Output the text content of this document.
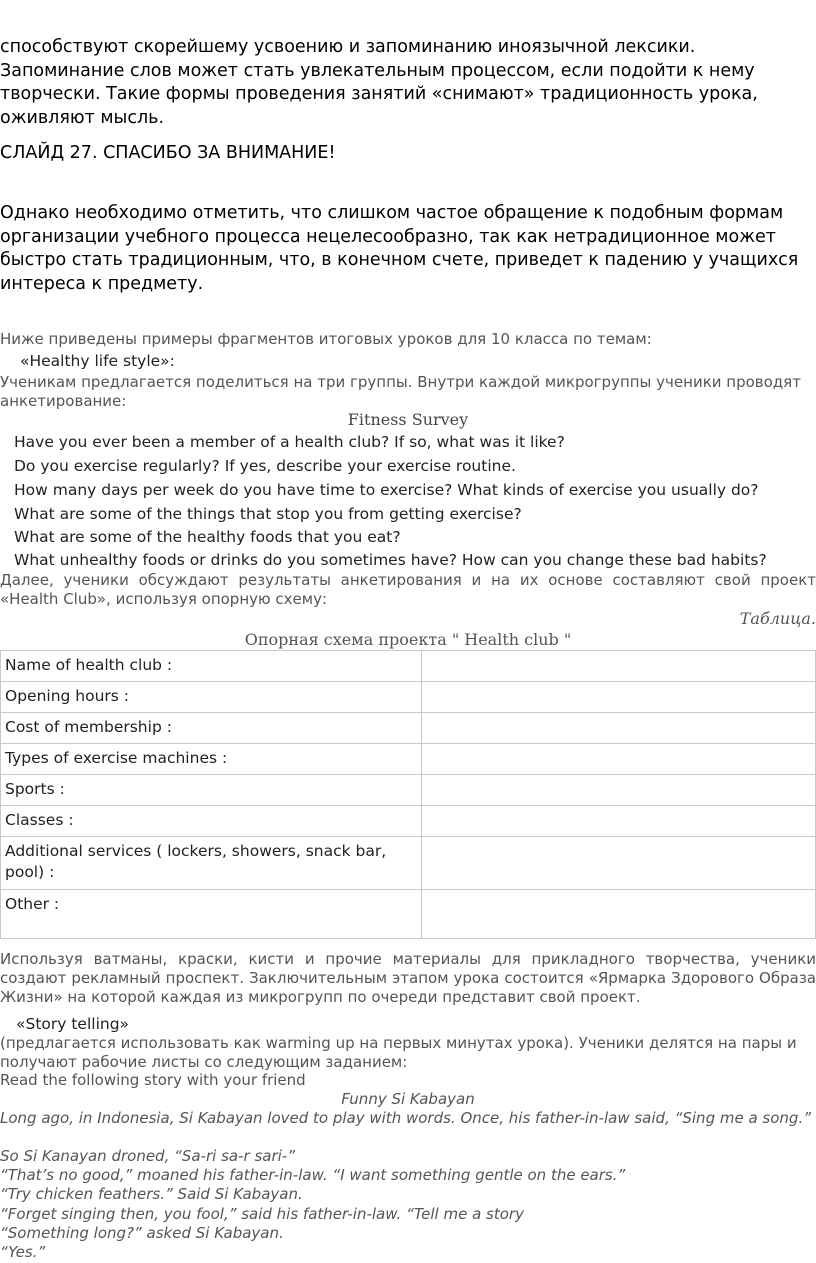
способствуют скорейшему усвоению и запоминанию иноязычной лексики. Запоминание слов может стать увлекательным процессом, если подойти к нему творчески. Такие формы проведения занятий «снимают» традиционность урока, оживляют мысль.
СЛАЙД 27. СПАСИБО ЗА ВНИМАНИЕ!
Однако необходимо отметить, что слишком частое обращение к подобным формам организации учебного процесса нецелесообразно, так как нетрадиционное может быстро стать традиционным, что, в конечном счете, приведет к падению у учащихся интереса к предмету.
Ниже приведены примеры фрагментов итоговых уроков для 10 класса по темам:
«Healthy life style»:
Ученикам предлагается поделиться на три группы. Внутри каждой микрогруппы ученики проводят анкетирование:
Fitness Survey
Have you ever been a member of a health club? If so, what was it like?
Do you exercise regularly? If yes, describe your exercise routine.
How many days per week do you have time to exercise? What kinds of exercise you usually do?
What are some of the things that stop you from getting exercise?
What are some of the healthy foods that you eat?
What unhealthy foods or drinks do you sometimes have? How can you change these bad habits?
Далее, ученики обсуждают результаты анкетирования и на их основе составляют свой проект «Health Club», используя опорную схему:
Таблица.
Опорная схема проекта " Health club "
Name of health club :	
Opening hours :	
Cost of membership :	
Types of exercise machines :	
Sports :	
Classes :	
Additional services ( lockers, showers, snack bar, pool) :	
Other :	
Используя ватманы, краски, кисти и прочие материалы для прикладного творчества, ученики создают рекламный проспект. Заключительным этапом урока состоится «Ярмарка Здорового Образа Жизни» на которой каждая из микрогрупп по очереди представит свой проект.
«Story telling»
(предлагается использовать как warming up на первых минутах урока). Ученики делятся на пары и получают рабочие листы со следующим заданием:
Read the following story with your friend
Funny Si Kabayan
Long ago, in Indonesia, Si Kabayan loved to play with words. Once, his father-in-law said, “Sing me a song.”
So Si Kanayan droned, “Sa-ri sa-r sari-”
“That’s no good,” moaned his father-in-law. “I want something gentle on the ears.”
“Try chicken feathers.” Said Si Kabayan.
“Forget singing then, you fool,” said his father-in-law. “Tell me a story
“Something long?” asked Si Kabayan.
“Yes.”
